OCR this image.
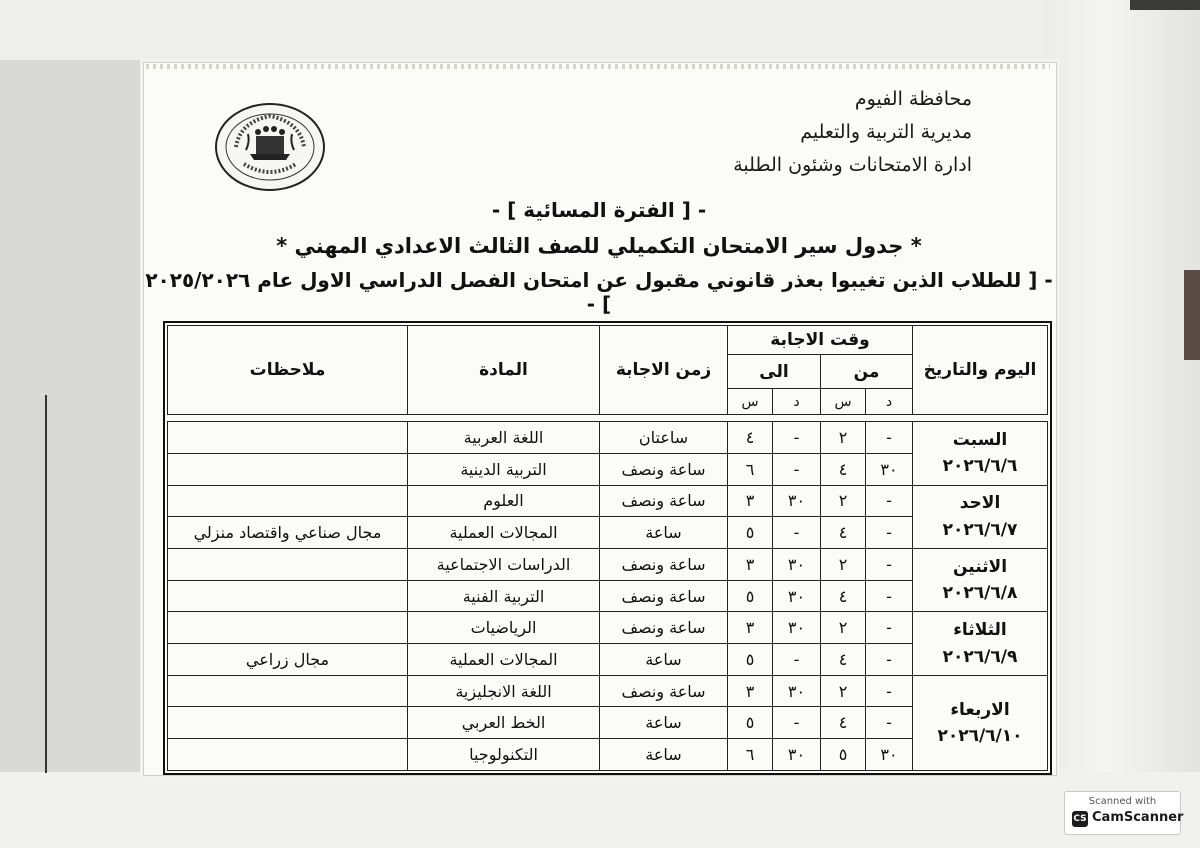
محافظة الفيوم
مديرية التربية والتعليم
ادارة الامتحانات وشئون الطلبة
- [ الفترة المسائية ] -
* جدول سير الامتحان التكميلي للصف الثالث الاعدادي المهني *
- [ للطلاب الذين تغيبوا بعذر قانوني مقبول عن امتحان الفصل الدراسي الاول عام ٢٠٢٥/٢٠٢٦ ] -
اليوم والتاريخ	وقت الاجابة				زمن الاجابة	المادة	ملاحظات
	من		الى				
	د	س	د	س			

السبت
٢٠٢٦/٦/٦	-	٢	-	٤	ساعتان	اللغة العربية	
	٣٠	٤	-	٦	ساعة ونصف	التربية الدينية	

الاحد
٢٠٢٦/٦/٧	-	٢	٣٠	٣	ساعة ونصف	العلوم	
	-	٤	-	٥	ساعة	المجالات العملية	مجال صناعي واقتصاد منزلي

الاثنين
٢٠٢٦/٦/٨	-	٢	٣٠	٣	ساعة ونصف	الدراسات الاجتماعية	
	-	٤	٣٠	٥	ساعة ونصف	التربية الفنية	

الثلاثاء
٢٠٢٦/٦/٩	-	٢	٣٠	٣	ساعة ونصف	الرياضيات	
	-	٤	-	٥	ساعة	المجالات العملية	مجال زراعي

الاربعاء
٢٠٢٦/٦/١٠	-	٢	٣٠	٣	ساعة ونصف	اللغة الانجليزية	
	-	٤	-	٥	ساعة	الخط العربي	
	٣٠	٥	٣٠	٦	ساعة	التكنولوجيا	
Scanned with
CS CamScanner
